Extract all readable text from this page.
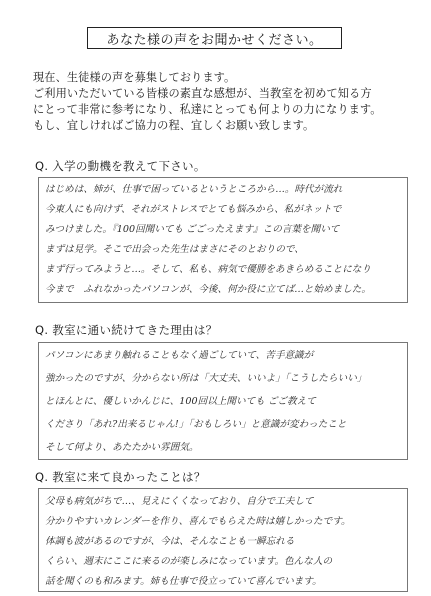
あなた様の声をお聞かせください。
現在、生徒様の声を募集しております。
ご利用いただいている皆様の素直な感想が、当教室を初めて知る方
にとって非常に参考になり、私達にとっても何よりの力になります。
もし、宜しければご協力の程、宜しくお願い致します。
Q. 入学の動機を教えて下さい。
はじめは、姉が、仕事で困っているというところから…。時代が流れ
今東人にも向けず、それがストレスでとても悩みから、私がネットで
みつけました。『100回聞いても ごごったえます』この言葉を聞いて
まずは見学。そこで出会った先生はまさにそのとおりので、
まず行ってみようと…。そして、私も、病気で優勝をあきらめることになり
今まで　ふれなかったパソコンが、今後、何か役に立てば…と始めました。
Q. 教室に通い続けてきた理由は？
パソコンにあまり触れることもなく過ごしていて、苦手意識が
強かったのですが、分からない所は「大丈夫、いいよ」「こうしたらいい」
とほんとに、優しいかんじに、100回以上聞いても ごご教えて
くださり「あれ?出来るじゃん!」「おもしろい」と意識が変わったこと
そして何より、あたたかい雰囲気。
Q. 教室に来て良かったことは？
父母も病気がちで…、見えにくくなっており、自分で工夫して
分かりやすいカレンダーを作り、喜んでもらえた時は嬉しかったです。
体調も波があるのですが、今は、そんなことも一瞬忘れる
くらい、週末にここに来るのが楽しみになっています。色んな人の
話を聞くのも和みます。姉も仕事で役立っていて喜んでいます。
